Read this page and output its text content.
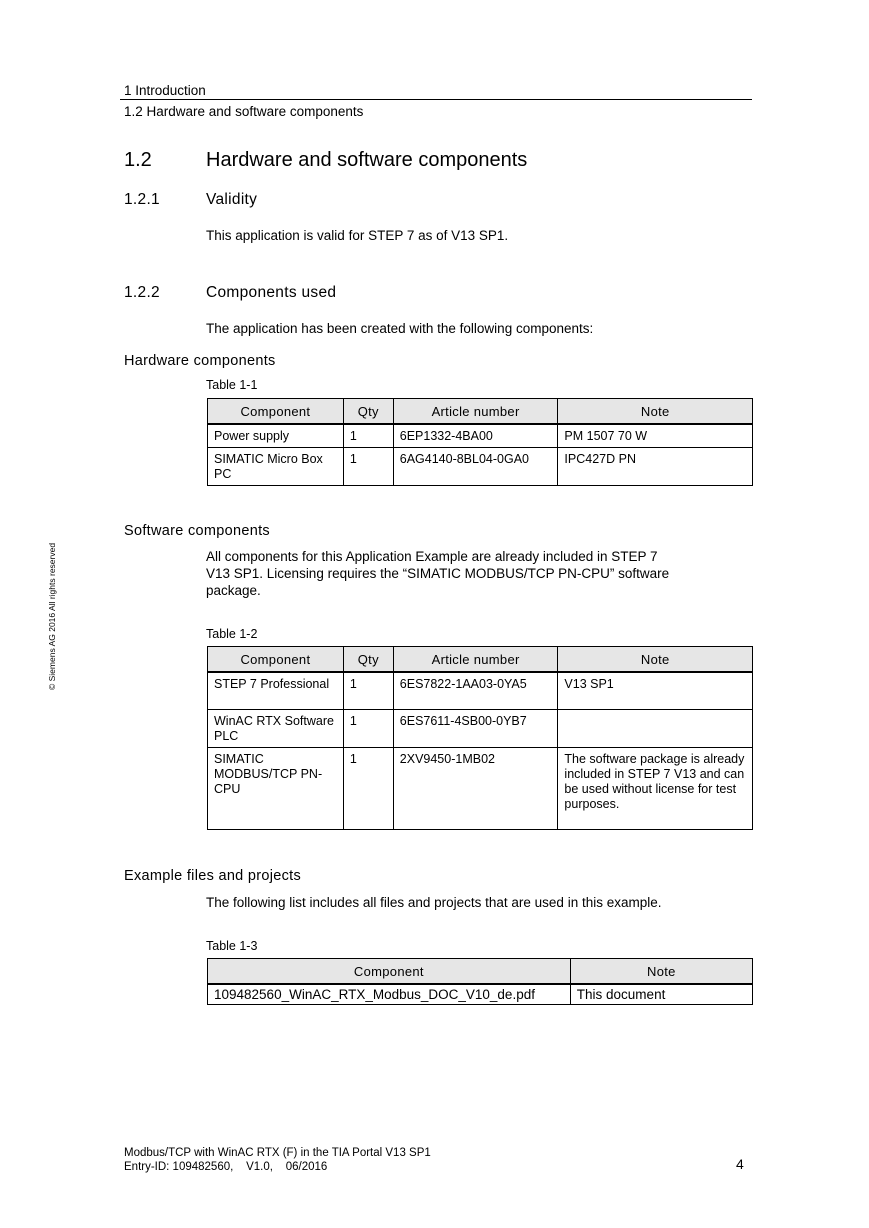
1 Introduction
1.2 Hardware and software components
1.2	Hardware and software components
1.2.1	Validity
This application is valid for STEP 7 as of V13 SP1.
1.2.2	Components used
The application has been created with the following components:
Hardware components
Table 1-1
Component	Qty	Article number	Note
Power supply	1	6EP1332-4BA00	PM 1507 70 W
SIMATIC Micro Box PC	1	6AG4140-8BL04-0GA0	IPC427D PN
© Siemens AG 2016 All rights reserved
Software components
All components for this Application Example are already included in STEP 7
V13 SP1. Licensing requires the “SIMATIC MODBUS/TCP PN-CPU” software
package.
Table 1-2
Component	Qty	Article number	Note
STEP 7 Professional	1	6ES7822-1AA03-0YA5	V13 SP1
WinAC RTX Software PLC	1	6ES7611-4SB00-0YB7	
SIMATIC MODBUS/TCP PN-CPU	1	2XV9450-1MB02	The software package is already included in STEP 7 V13 and can be used without license for test purposes.
Example files and projects
The following list includes all files and projects that are used in this example.
Table 1-3
Component	Note
109482560_WinAC_RTX_Modbus_DOC_V10_de.pdf	This document
Modbus/TCP with WinAC RTX (F) in the TIA Portal V13 SP1
Entry-ID: 109482560,    V1.0,    06/2016	4
